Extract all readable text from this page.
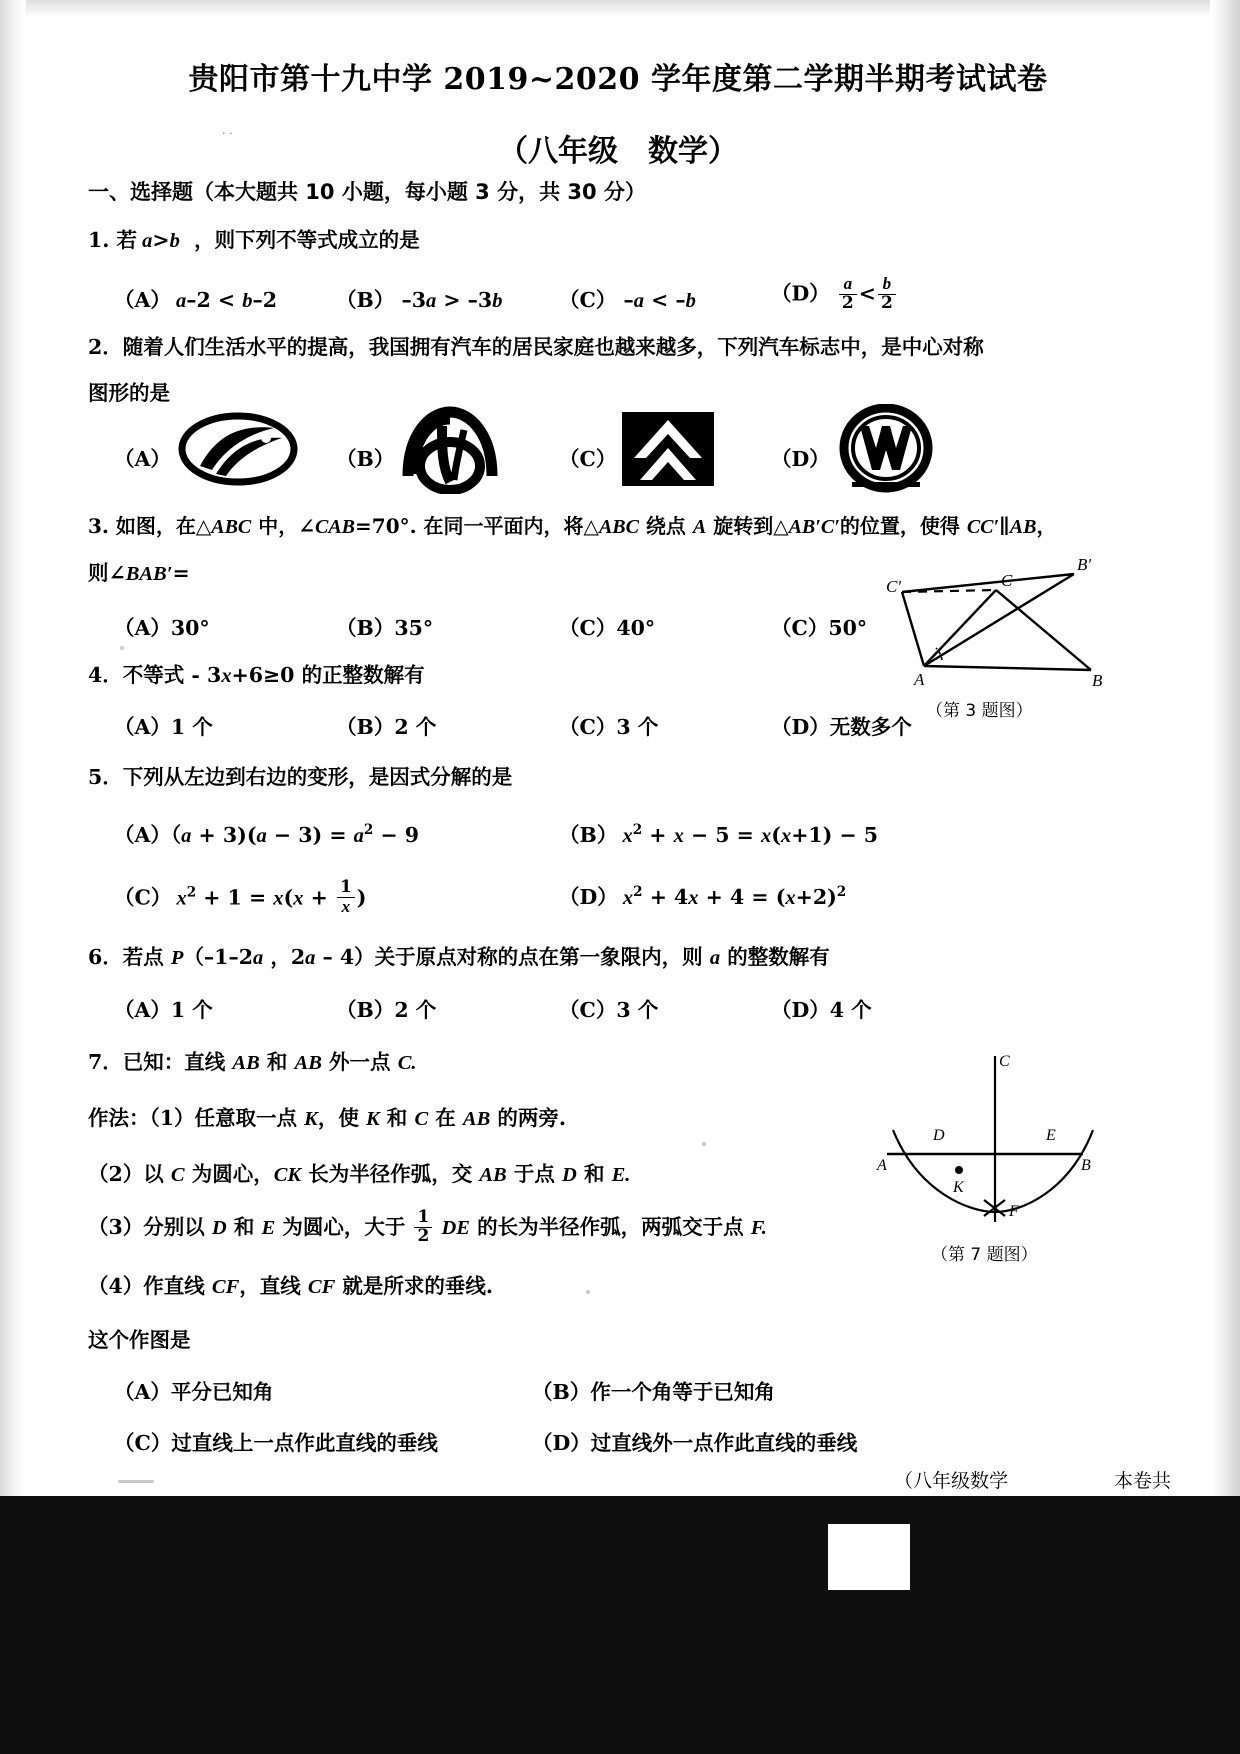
贵阳市第十九中学 2019~2020 学年度第二学期半期考试试卷
..
（八年级　数学）
一、选择题（本大题共 10 小题，每小题 3 分，共 30 分）
1. 若 a>b  ，则下列不等式成立的是
（A） a–2 < b–2	（B） –3a > –3b	（C） –a < –b	$(D) \frac{a}{2} < \frac{b}{2}$
2．随着人们生活水平的提高，我国拥有汽车的居民家庭也越来越多，下列汽车标志中，是中心对称
图形的是
（A）	（B）	（C）	（D）
3. 如图，在△ABC 中，∠CAB=70°. 在同一平面内，将△ABC 绕点 A 旋转到△AB′C′的位置，使得 CC′∥AB，
则∠BAB′=
（A）30°	（B）35°	（C）40°	（C）50°
C′	C
B′
A	B
（第 3 题图）
4．不等式 - 3x+6≥0 的正整数解有
（A）1 个	（B）2 个	（C）3 个	（D）无数多个
5．下列从左边到右边的变形，是因式分解的是
$(A)(a + 3)(a - 3) = a^2 - 9$	（B） $x^2 + x - 5 = x(x+1) - 5$
（C） $x^2 + 1 = x(x + \frac{1}{x}$ )	（D） $x^2 + 4x + 4 = (x+2)^2$
6．若点 P（–1–2a ，2a – 4）关于原点对称的点在第一象限内，则 a 的整数解有
（A）1 个	（B）2 个	（C）3 个	（D）4 个
7．已知：直线 AB 和 AB 外一点 C.
作法：（1）任意取一点 K，使 K 和 C 在 AB 的两旁.
（2）以 C 为圆心，CK 长为半径作弧，交 AB 于点 D 和 E.
（3）分别以 D 和 E 为圆心，大于 $\frac{1}{2}$ DE 的长为半径作弧，两弧交于点 F.
（4）作直线 CF，直线 CF 就是所求的垂线.
这个作图是
（A）平分已知角	（B）作一个角等于已知角
（C）过直线上一点作此直线的垂线	（D）过直线外一点作此直线的垂线
C
D	E
A	B
K
F
（第 7 题图）
（八年级数学	本卷共
